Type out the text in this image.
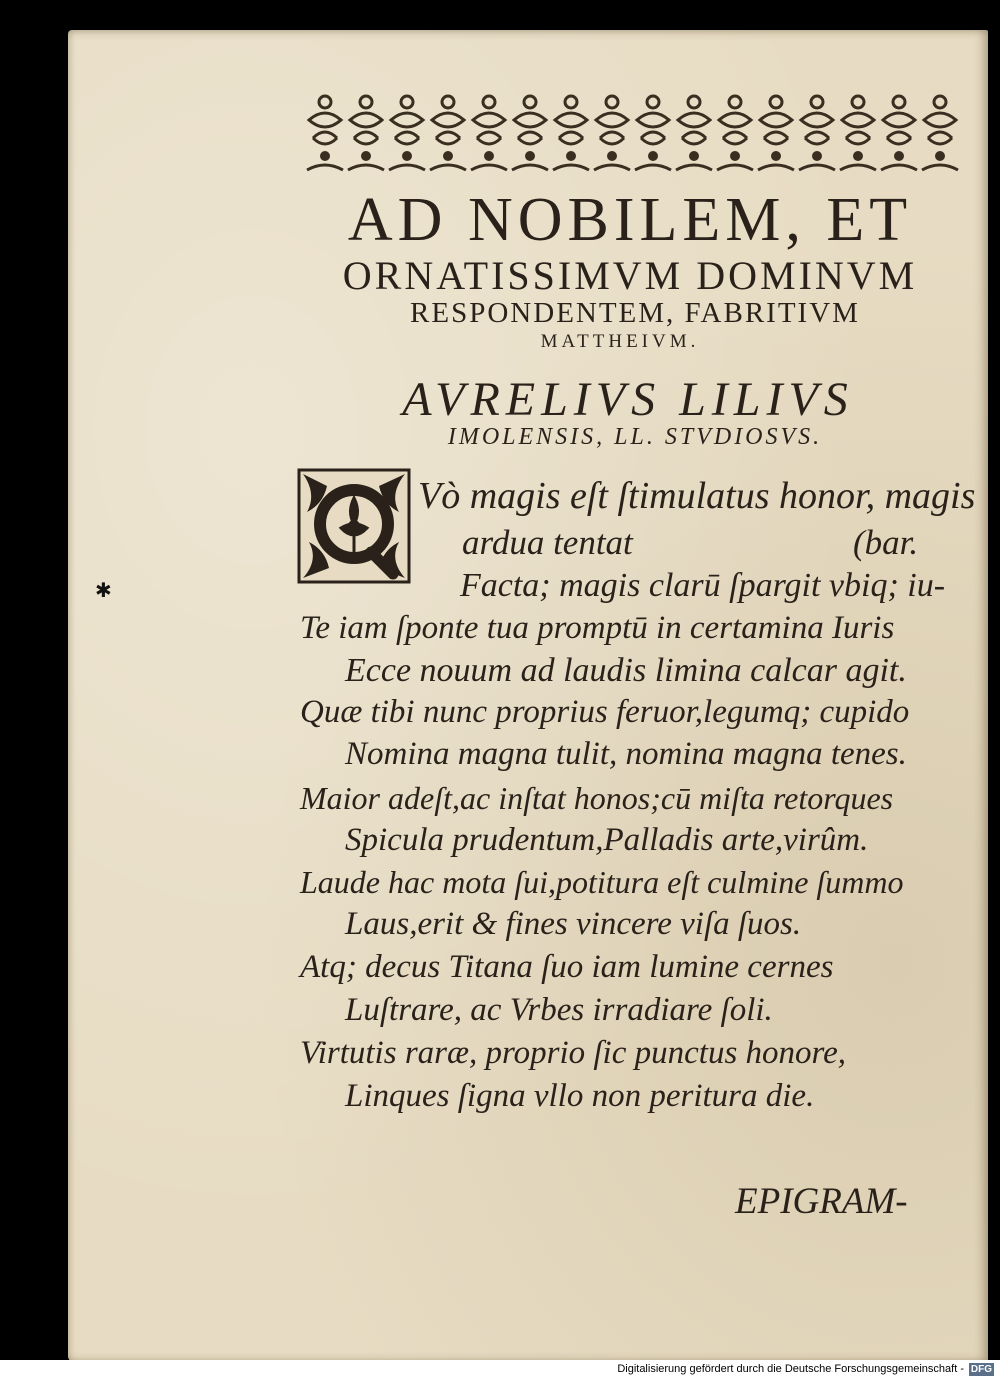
AD NOBILEM, ET
ORNATISSIMVM DOMINVM
RESPONDENTEM, FABRITIVM
MATTHEIVM.
AVRELIVS LILIVS
IMOLENSIS, LL. STVDIOSVS.
Vò magis eſt ſtimulatus honor, magis
ardua tentat	(bar.
Facta; magis clarū ſpargit vbiq; iu-
Te iam ſponte tua promptū in certamina Iuris
Ecce nouum ad laudis limina calcar agit.
Quæ tibi nunc proprius feruor,legumq; cupido
Nomina magna tulit, nomina magna tenes.
Maior adeſt,ac inſtat honos;cū miſta retorques
Spicula prudentum,Palladis arte,virûm.
Laude hac mota ſui,potitura eſt culmine ſummo
Laus,erit & fines vincere viſa ſuos.
Atq; decus Titana ſuo iam lumine cernes
Luſtrare, ac Vrbes irradiare ſoli.
Virtutis raræ, proprio ſic punctus honore,
Linques ſigna vllo non peritura die.
EPIGRAM-
✱
Digitalisierung gefördert durch die Deutsche Forschungsgemeinschaft - DFG
